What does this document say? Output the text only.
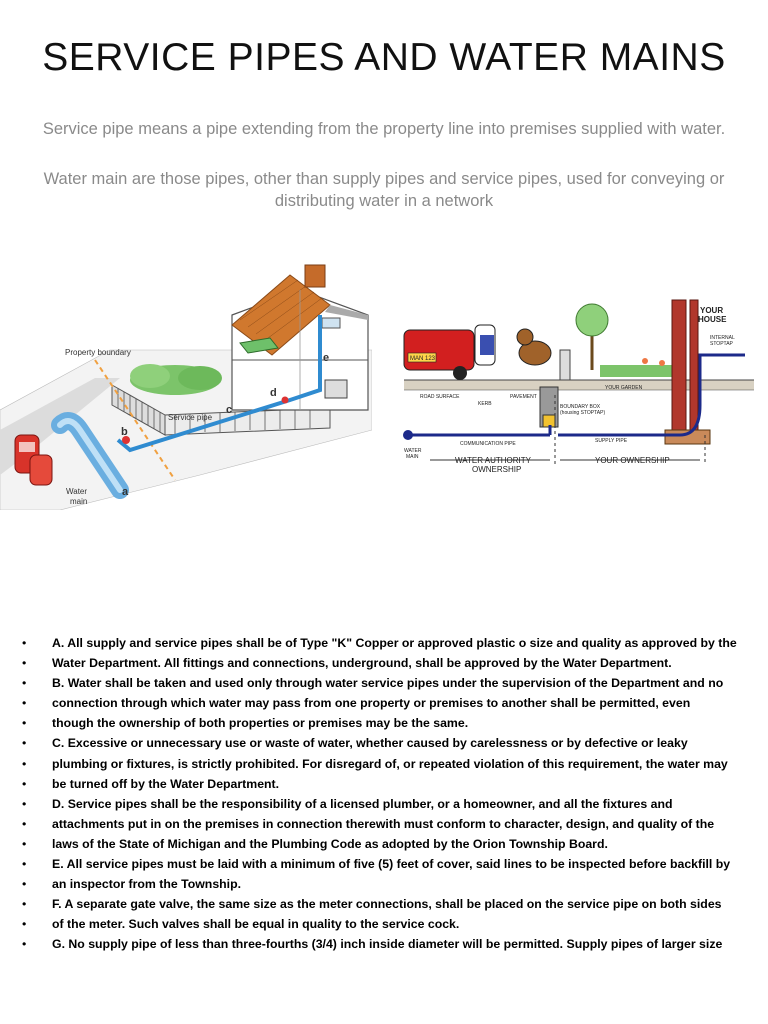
SERVICE PIPES AND WATER MAINS
Service pipe means a pipe extending from the property line into premises supplied with water.
Water main are those pipes, other than supply pipes and service pipes, used for conveying or distributing water in a network
Property boundary
Service pipe
Water
main
a
b
c
d
e	MAN 123
YOUR
HOUSE
INTERNAL
STOPTAP
YOUR GARDEN
ROAD SURFACE
KERB
PAVEMENT
BOUNDARY BOX
(housing STOPTAP)
COMMUNICATION PIPE	SUPPLY PIPE
WATER
MAIN	WATER AUTHORITY
OWNERSHIP
YOUR OWNERSHIP
• A. All supply and service pipes shall be of Type "K" Copper or approved plastic o size and quality as approved by the
• Water Department. All fittings and connections, underground, shall be approved by the Water Department.
• B. Water shall be taken and used only through water service pipes under the supervision of the Department and no
• connection through which water may pass from one property or premises to another shall be permitted, even
• though the ownership of both properties or premises may be the same.
• C. Excessive or unnecessary use or waste of water, whether caused by carelessness or by defective or leaky
• plumbing or fixtures, is strictly prohibited. For disregard of, or repeated violation of this requirement, the water may
• be turned off by the Water Department.
• D. Service pipes shall be the responsibility of a licensed plumber, or a homeowner, and all the fixtures and
• attachments put in on the premises in connection therewith must conform to character, design, and quality of the
• laws of the State of Michigan and the Plumbing Code as adopted by the Orion Township Board.
• E. All service pipes must be laid with a minimum of five (5) feet of cover, said lines to be inspected before backfill by
• an inspector from the Township.
• F. A separate gate valve, the same size as the meter connections, shall be placed on the service pipe on both sides
• of the meter. Such valves shall be equal in quality to the service cock.
• G. No supply pipe of less than three-fourths (3/4) inch inside diameter will be permitted. Supply pipes of larger size
